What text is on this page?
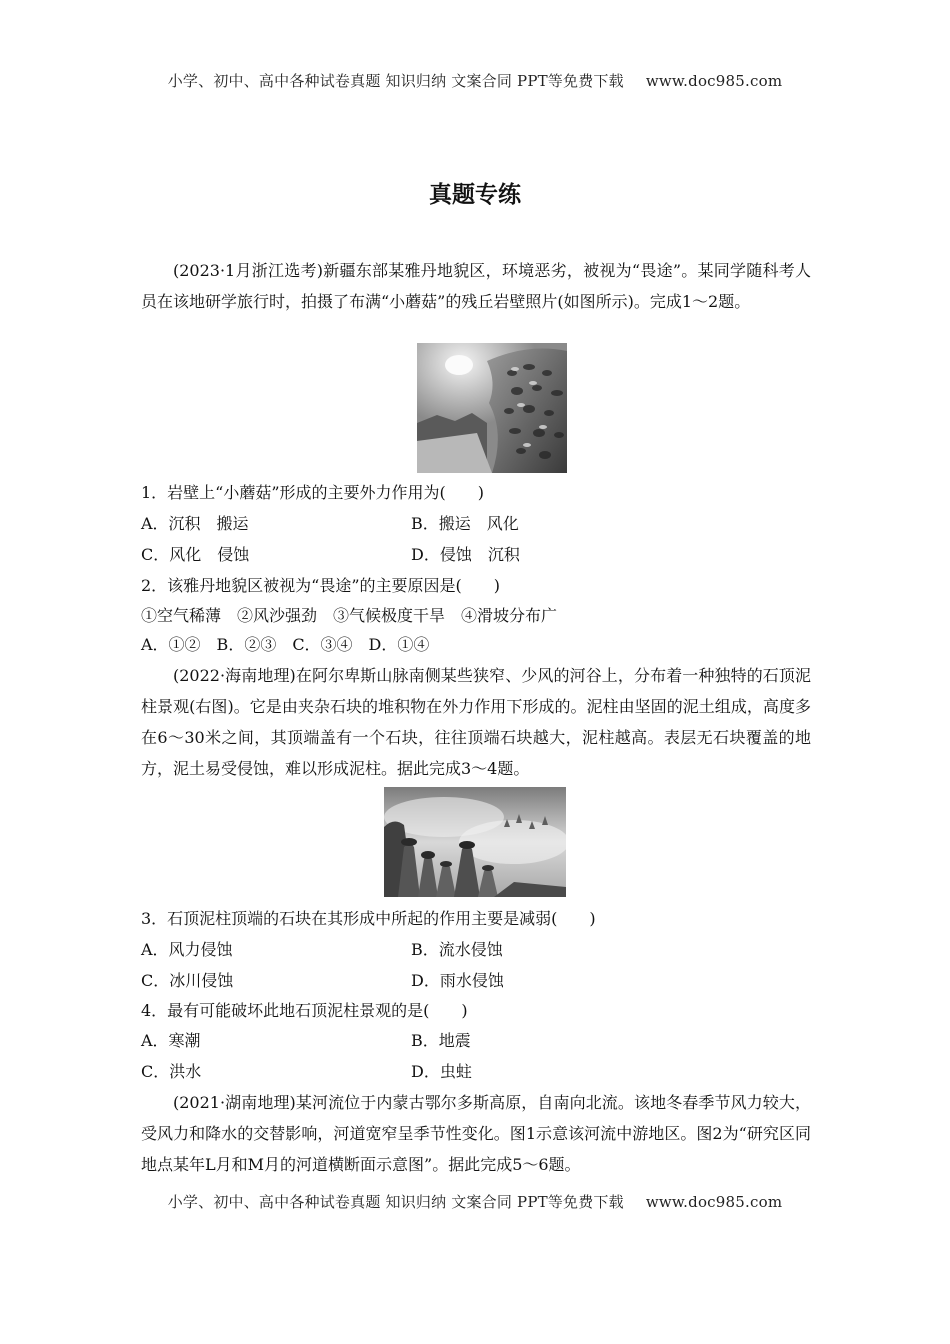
小学、初中、高中各种试卷真题 知识归纳 文案合同 PPT等免费下载 www.doc985.com
真题专练
(2023·1月浙江选考)新疆东部某雅丹地貌区，环境恶劣，被视为“畏途”。某同学随科考人员在该地研学旅行时，拍摄了布满“小蘑菇”的残丘岩壁照片(如图所示)。完成1～2题。
1．岩壁上“小蘑菇”形成的主要外力作用为(　　)
A．沉积　搬运	B．搬运　风化
C．风化　侵蚀	D．侵蚀　沉积
2．该雅丹地貌区被视为“畏途”的主要原因是(　　)
①空气稀薄　②风沙强劲　③气候极度干旱　④滑坡分布广
A．①②　B．②③　C．③④　D．①④
(2022·海南地理)在阿尔卑斯山脉南侧某些狭窄、少风的河谷上，分布着一种独特的石顶泥柱景观(右图)。它是由夹杂石块的堆积物在外力作用下形成的。泥柱由坚固的泥土组成，高度多在6～30米之间，其顶端盖有一个石块，往往顶端石块越大，泥柱越高。表层无石块覆盖的地方，泥土易受侵蚀，难以形成泥柱。据此完成3～4题。
3．石顶泥柱顶端的石块在其形成中所起的作用主要是减弱(　　)
A．风力侵蚀	B．流水侵蚀
C．冰川侵蚀	D．雨水侵蚀
4．最有可能破坏此地石顶泥柱景观的是(　　)
A．寒潮	B．地震
C．洪水	D．虫蛀
(2021·湖南地理)某河流位于内蒙古鄂尔多斯高原，自南向北流。该地冬春季节风力较大，受风力和降水的交替影响，河道宽窄呈季节性变化。图1示意该河流中游地区。图2为“研究区同地点某年L月和M月的河道横断面示意图”。据此完成5～6题。
小学、初中、高中各种试卷真题 知识归纳 文案合同 PPT等免费下载 www.doc985.com
